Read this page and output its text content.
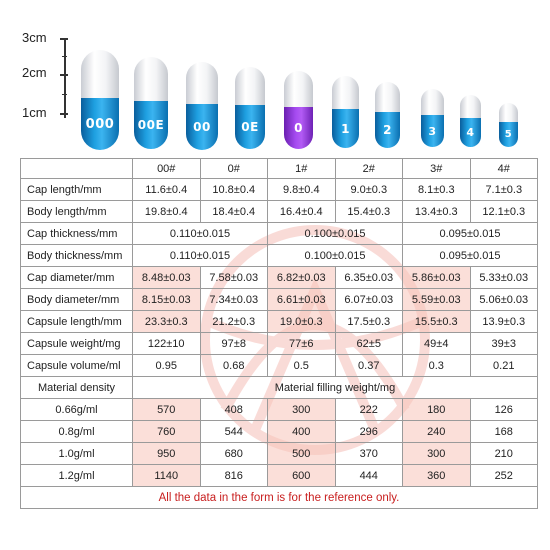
3cm
2cm
1cm
000 00E 00	0E	0	1	2	3	4	5
	00#	0#	1#	2#	3#	4#
Cap length/mm	11.6±0.4	10.8±0.4	9.8±0.4	9.0±0.3	8.1±0.3	7.1±0.3
Body length/mm	19.8±0.4	18.4±0.4	16.4±0.4	15.4±0.3	13.4±0.3	12.1±0.3
Cap thickness/mm	0.110±0.015		0.100±0.015		0.095±0.015	
Body thickness/mm	0.110±0.015		0.100±0.015		0.095±0.015	
Cap diameter/mm	8.48±0.03	7.58±0.03	6.82±0.03	6.35±0.03	5.86±0.03	5.33±0.03
Body diameter/mm	8.15±0.03	7.34±0.03	6.61±0.03	6.07±0.03	5.59±0.03	5.06±0.03
Capsule length/mm	23.3±0.3	21.2±0.3	19.0±0.3	17.5±0.3	15.5±0.3	13.9±0.3
Capsule weight/mg	122±10	97±8	77±6	62±5	49±4	39±3
Capsule volume/ml	0.95	0.68	0.5	0.37	0.3	0.21
Material density	Material filling weight/mg					
0.66g/ml	570	408	300	222	180	126
0.8g/ml	760	544	400	296	240	168
1.0g/ml	950	680	500	370	300	210
1.2g/ml	1140	816	600	444	360	252
All the data in the form is for the reference only.						
